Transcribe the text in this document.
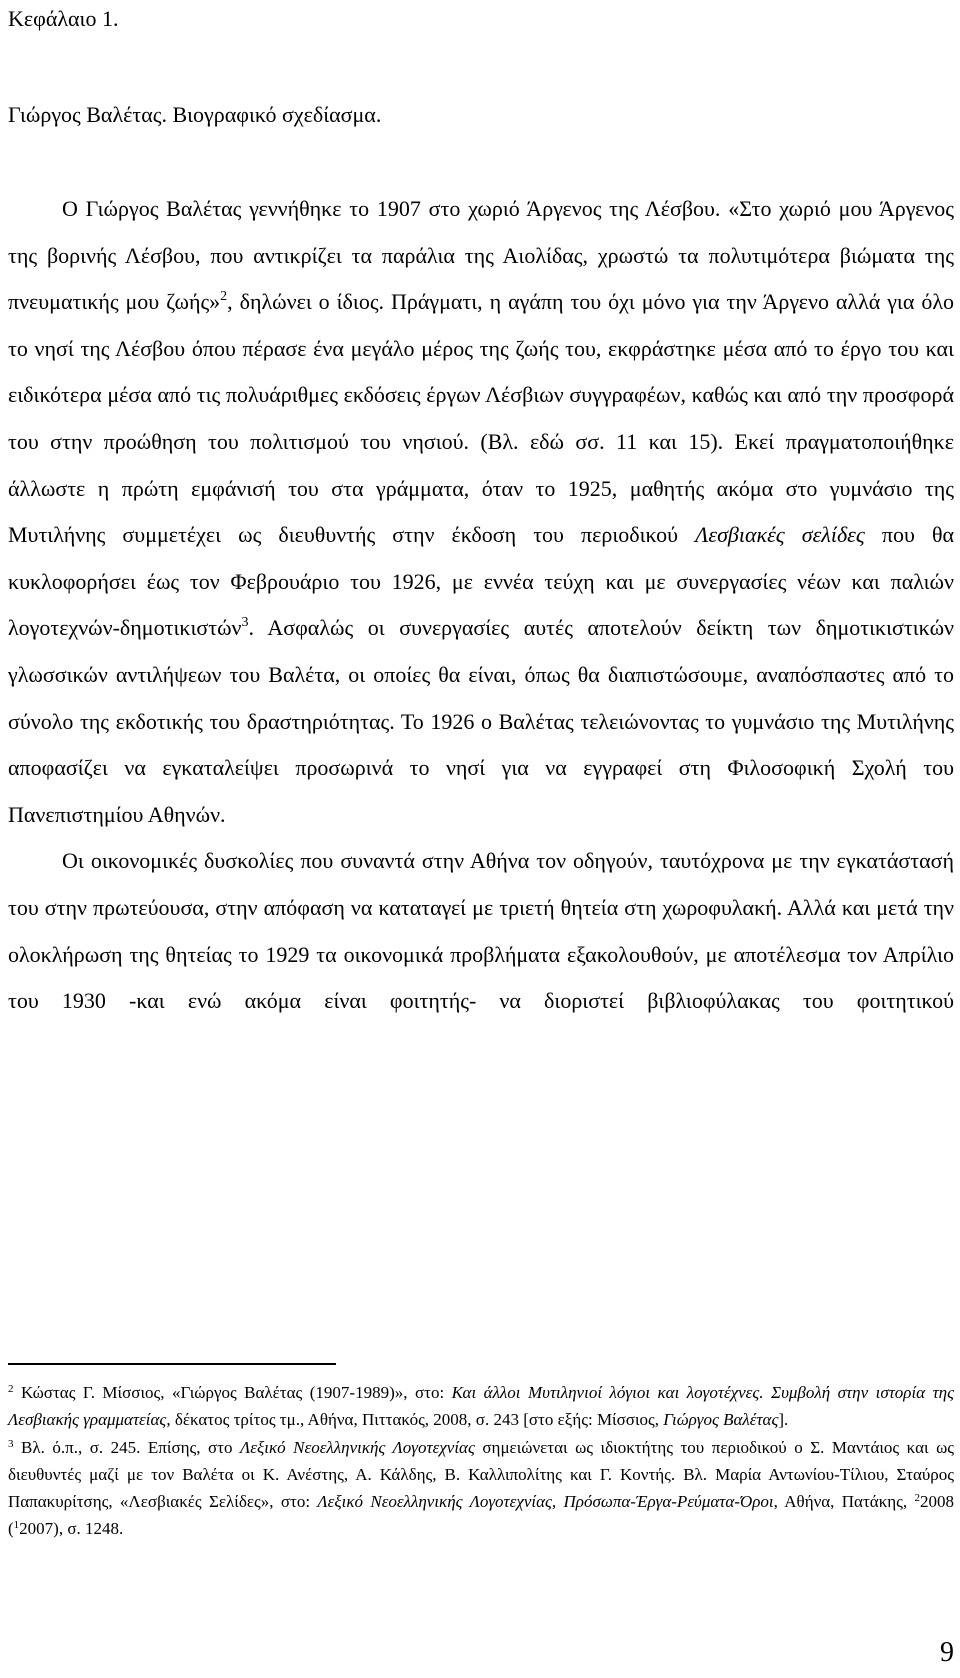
Κεφάλαιο 1.
Γιώργος Βαλέτας. Βιογραφικό σχεδίασμα.

Ο Γιώργος Βαλέτας γεννήθηκε το 1907 στο χωριό Άργενος της Λέσβου. «Στο χωριό μου Άργενος της βορινής Λέσβου, που αντικρίζει τα παράλια της Αιολίδας, χρωστώ τα πολυτιμότερα βιώματα της πνευματικής μου ζωής»$^2$, δηλώνει ο ίδιος. Πράγματι, η αγάπη του όχι μόνο για την Άργενο αλλά για όλο το νησί της Λέσβου όπου πέρασε ένα μεγάλο μέρος της ζωής του, εκφράστηκε μέσα από το έργο του και ειδικότερα μέσα από τις πολυάριθμες εκδόσεις έργων Λέσβιων συγγραφέων, καθώς και από την προσφορά του στην προώθηση του πολιτισμού του νησιού. (Βλ. εδώ σσ. 11 και 15). Εκεί πραγματοποιήθηκε άλλωστε η πρώτη εμφάνισή του στα γράμματα, όταν το 1925, μαθητής ακόμα στο γυμνάσιο της Μυτιλήνης συμμετέχει ως διευθυντής στην έκδοση του περιοδικού Λεσβιακές σελίδες που θα κυκλοφορήσει έως τον Φεβρουάριο του 1926, με εννέα τεύχη και με συνεργασίες νέων και παλιών λογοτεχνών-δημοτικιστών$^3$. Ασφαλώς οι συνεργασίες αυτές αποτελούν δείκτη των δημοτικιστικών γλωσσικών αντιλήψεων του Βαλέτα, οι οποίες θα είναι, όπως θα διαπιστώσουμε, αναπόσπαστες από το σύνολο της εκδοτικής του δραστηριότητας. Το 1926 ο Βαλέτας τελειώνοντας το γυμνάσιο της Μυτιλήνης αποφασίζει να εγκαταλείψει προσωρινά το νησί για να εγγραφεί στη Φιλοσοφική Σχολή του Πανεπιστημίου Αθηνών.

Οι οικονομικές δυσκολίες που συναντά στην Αθήνα τον οδηγούν, ταυτόχρονα με την εγκατάστασή του στην πρωτεύουσα, στην απόφαση να καταταγεί με τριετή θητεία στη χωροφυλακή. Αλλά και μετά την ολοκλήρωση της θητείας το 1929 τα οικονομικά προβλήματα εξακολουθούν, με αποτέλεσμα τον Απρίλιο του 1930 -και ενώ ακόμα είναι φοιτητής- να διοριστεί βιβλιοφύλακας του φοιτητικού

$^2$ Κώστας Γ. Μίσσιος, «Γιώργος Βαλέτας (1907-1989)», στο: Και άλλοι Μυτιληνιοί λόγιοι και λογοτέχνες. Συμβολή στην ιστορία της Λεσβιακής γραμματείας, δέκατος τρίτος τμ., Αθήνα, Πιττακός, 2008, σ. 243 [στο εξής: Μίσσιος, Γιώργος Βαλέτας].

$^3$ Βλ. ό.π., σ. 245. Επίσης, στο Λεξικό Νεοελληνικής Λογοτεχνίας σημειώνεται ως ιδιοκτήτης του περιοδικού ο Σ. Μαντάιος και ως διευθυντές μαζί με τον Βαλέτα οι Κ. Ανέστης, Α. Κάλδης, Β. Καλλιπολίτης και Γ. Κοντής. Βλ. Μαρία Αντωνίου-Τίλιου, Σταύρος Παπακυρίτσης, «Λεσβιακές Σελίδες», στο: Λεξικό Νεοελληνικής Λογοτεχνίας, Πρόσωπα-Έργα-Ρεύματα-Όροι, Αθήνα, Πατάκης, $^2$2008 ($^1$2007), σ. 1248.

9
